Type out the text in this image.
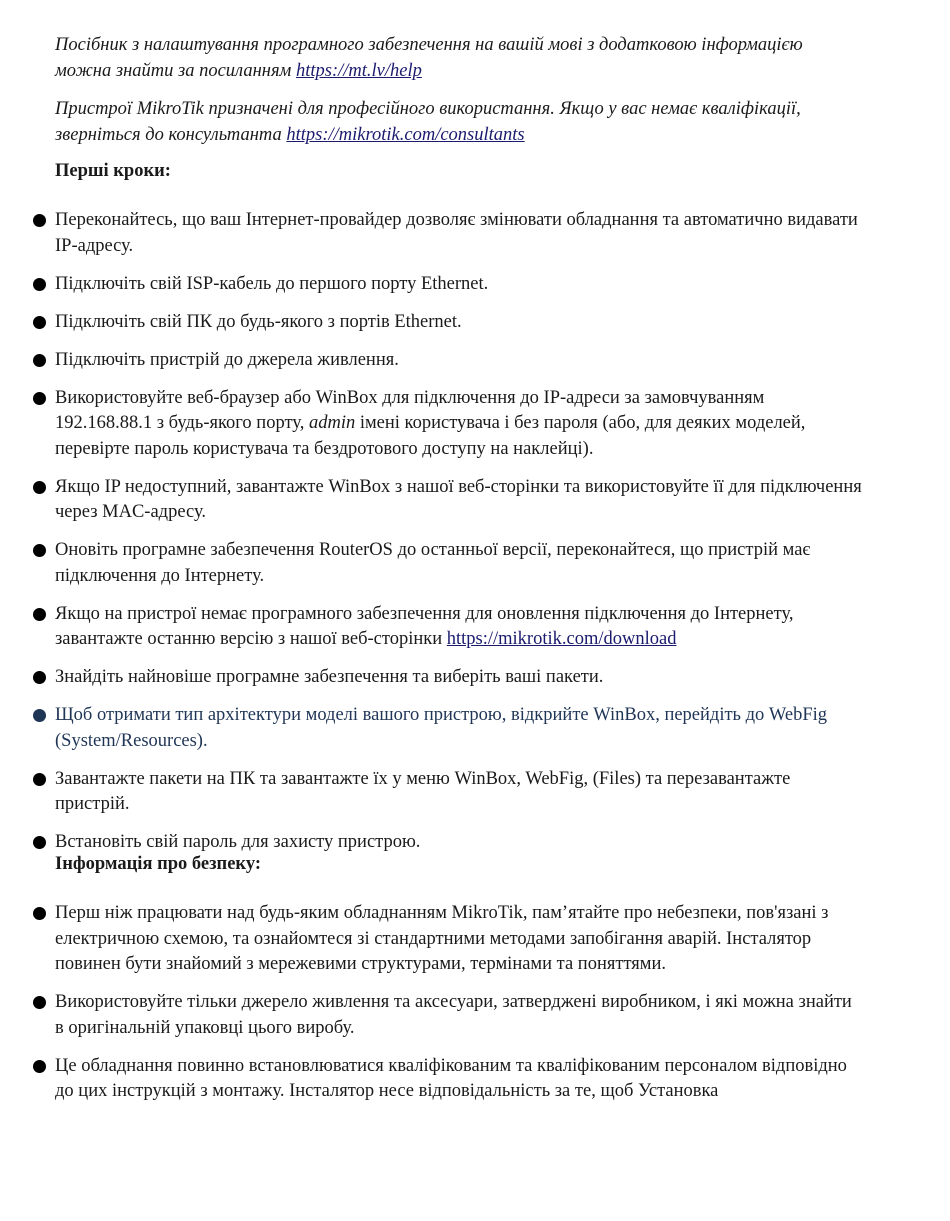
Посібник з налаштування програмного забезпечення на вашій мові з додатковою інформацією можна знайти за посиланням https://mt.lv/help

Пристрої MikroTik призначені для професійного використання. Якщо у вас немає кваліфікації, зверніться до консультанта https://mikrotik.com/consultants

Перші кроки:

Переконайтесь, що ваш Інтернет-провайдер дозволяє змінювати обладнання та автоматично видавати IP-адресу.
Підключіть свій ISP-кабель до першого порту Ethernet.
Підключіть свій ПК до будь-якого з портів Ethernet.
Підключіть пристрій до джерела живлення.
Використовуйте веб-браузер або WinBox для підключення до IP-адреси за замовчуванням 192.168.88.1 з будь-якого порту, admin імені користувача і без пароля (або, для деяких моделей, перевірте пароль користувача та бездротового доступу на наклейці).
Якщо IP недоступний, завантажте WinBox з нашої веб-сторінки та використовуйте її для підключення через MAC-адресу.
Оновіть програмне забезпечення RouterOS до останньої версії, переконайтеся, що пристрій має підключення до Інтернету.
Якщо на пристрої немає програмного забезпечення для оновлення підключення до Інтернету, завантажте останню версію з нашої веб-сторінки https://mikrotik.com/download
Знайдіть найновіше програмне забезпечення та виберіть ваші пакети.
Щоб отримати тип архітектури моделі вашого пристрою, відкрийте WinBox, перейдіть до WebFig (System/Resources).
Завантажте пакети на ПК та завантажте їх у меню WinBox, WebFig, (Files) та перезавантажте пристрій.
Встановіть свій пароль для захисту пристрою.

Інформація про безпеку:

Перш ніж працювати над будь-яким обладнанням MikroTik, пам’ятайте про небезпеки, пов'язані з електричною схемою, та ознайомтеся зі стандартними методами запобігання аварій. Інсталятор повинен бути знайомий з мережевими структурами, термінами та поняттями.
Використовуйте тільки джерело живлення та аксесуари, затверджені виробником, і які можна знайти в оригінальній упаковці цього виробу.
Це обладнання повинно встановлюватися кваліфікованим та кваліфікованим персоналом відповідно до цих інструкцій з монтажу. Інсталятор несе відповідальність за те, щоб Установка
